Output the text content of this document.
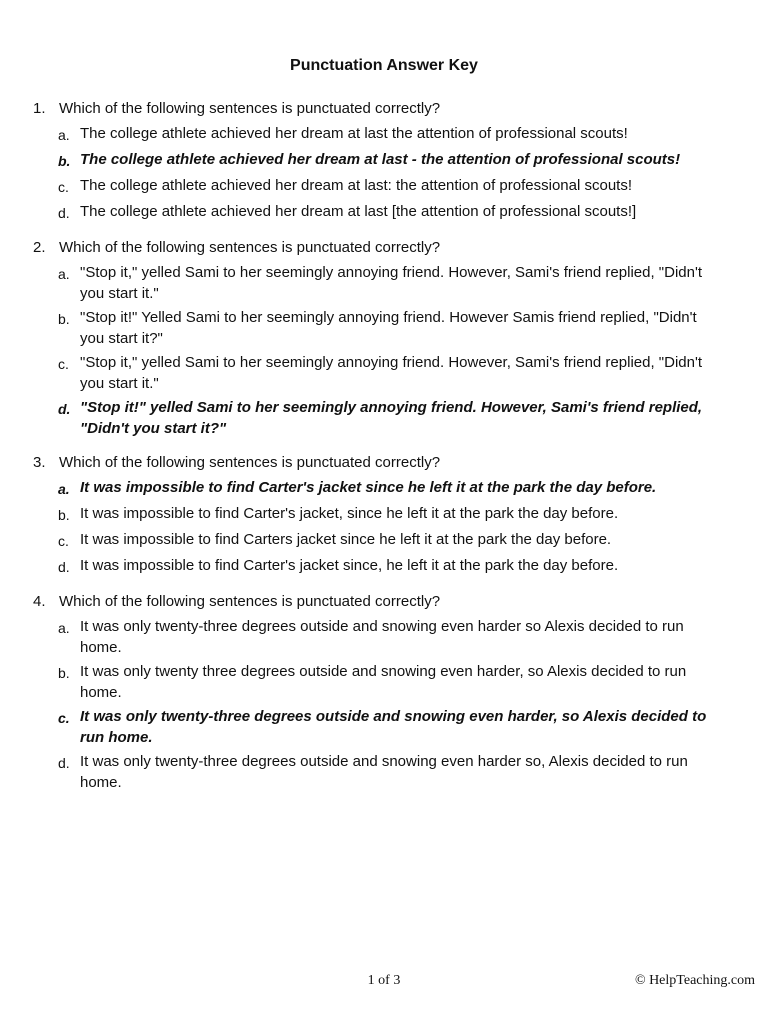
Punctuation Answer Key
1. Which of the following sentences is punctuated correctly?
a. The college athlete achieved her dream at last the attention of professional scouts!
b. The college athlete achieved her dream at last - the attention of professional scouts!
c. The college athlete achieved her dream at last: the attention of professional scouts!
d. The college athlete achieved her dream at last [the attention of professional scouts!]
2. Which of the following sentences is punctuated correctly?
a. "Stop it," yelled Sami to her seemingly annoying friend. However, Sami's friend replied, "Didn't you start it."
b. "Stop it!" Yelled Sami to her seemingly annoying friend. However Samis friend replied, "Didn't you start it?"
c. "Stop it," yelled Sami to her seemingly annoying friend. However, Sami's friend replied, "Didn't you start it."
d. "Stop it!" yelled Sami to her seemingly annoying friend. However, Sami's friend replied, "Didn't you start it?"
3. Which of the following sentences is punctuated correctly?
a. It was impossible to find Carter's jacket since he left it at the park the day before.
b. It was impossible to find Carter's jacket, since he left it at the park the day before.
c. It was impossible to find Carters jacket since he left it at the park the day before.
d. It was impossible to find Carter's jacket since, he left it at the park the day before.
4. Which of the following sentences is punctuated correctly?
a. It was only twenty-three degrees outside and snowing even harder so Alexis decided to run home.
b. It was only twenty three degrees outside and snowing even harder, so Alexis decided to run home.
c. It was only twenty-three degrees outside and snowing even harder, so Alexis decided to run home.
d. It was only twenty-three degrees outside and snowing even harder so, Alexis decided to run home.
1 of 3	© HelpTeaching.com
